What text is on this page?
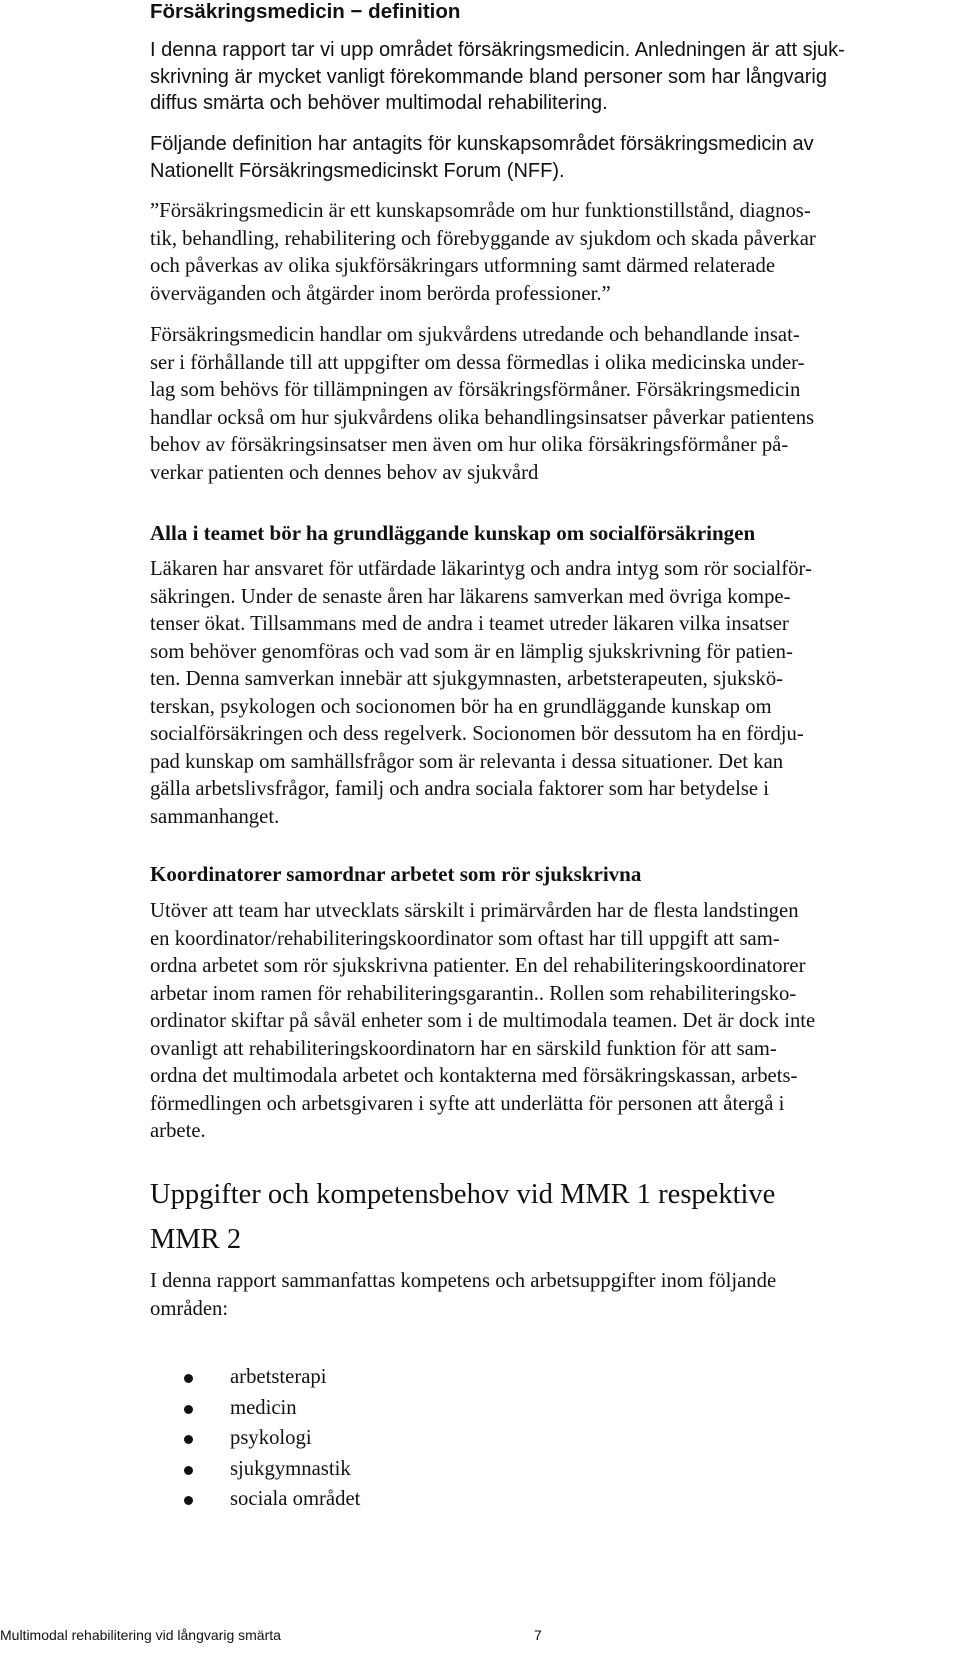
Försäkringsmedicin − definition

I denna rapport tar vi upp området försäkringsmedicin. Anledningen är att sjuk-
skrivning är mycket vanligt förekommande bland personer som har långvarig
diffus smärta och behöver multimodal rehabilitering.

Följande definition har antagits för kunskapsområdet försäkringsmedicin av
Nationellt Försäkringsmedicinskt Forum (NFF).

”Försäkringsmedicin är ett kunskapsområde om hur funktionstillstånd, diagnos-
tik, behandling, rehabilitering och förebyggande av sjukdom och skada påverkar
och påverkas av olika sjukförsäkringars utformning samt därmed relaterade
överväganden och åtgärder inom berörda professioner.”

Försäkringsmedicin handlar om sjukvårdens utredande och behandlande insat-
ser i förhållande till att uppgifter om dessa förmedlas i olika medicinska under-
lag som behövs för tillämpningen av försäkringsförmåner. Försäkringsmedicin
handlar också om hur sjukvårdens olika behandlingsinsatser påverkar patientens
behov av försäkringsinsatser men även om hur olika försäkringsförmåner på-
verkar patienten och dennes behov av sjukvård

Alla i teamet bör ha grundläggande kunskap om socialförsäkringen

Läkaren har ansvaret för utfärdade läkarintyg och andra intyg som rör socialför-
säkringen. Under de senaste åren har läkarens samverkan med övriga kompe-
tenser ökat. Tillsammans med de andra i teamet utreder läkaren vilka insatser
som behöver genomföras och vad som är en lämplig sjukskrivning för patien-
ten. Denna samverkan innebär att sjukgymnasten, arbetsterapeuten, sjukskö-
terskan, psykologen och socionomen bör ha en grundläggande kunskap om
socialförsäkringen och dess regelverk. Socionomen bör dessutom ha en fördju-
pad kunskap om samhällsfrågor som är relevanta i dessa situationer. Det kan
gälla arbetslivsfrågor, familj och andra sociala faktorer som har betydelse i
sammanhanget.

Koordinatorer samordnar arbetet som rör sjukskrivna

Utöver att team har utvecklats särskilt i primärvården har de flesta landstingen
en koordinator/rehabiliteringskoordinator som oftast har till uppgift att sam-
ordna arbetet som rör sjukskrivna patienter. En del rehabiliteringskoordinatorer
arbetar inom ramen för rehabiliteringsgarantin.. Rollen som rehabiliteringsko-
ordinator skiftar på såväl enheter som i de multimodala teamen. Det är dock inte
ovanligt att rehabiliteringskoordinatorn har en särskild funktion för att sam-
ordna det multimodala arbetet och kontakterna med försäkringskassan, arbets-
förmedlingen och arbetsgivaren i syfte att underlätta för personen att återgå i
arbete.

Uppgifter och kompetensbehov vid MMR 1 respektive
MMR 2

I denna rapport sammanfattas kompetens och arbetsuppgifter inom följande
områden:

arbetsterapi
medicin
psykologi
sjukgymnastik
sociala området
Multimodal rehabilitering vid långvarig smärta	7
